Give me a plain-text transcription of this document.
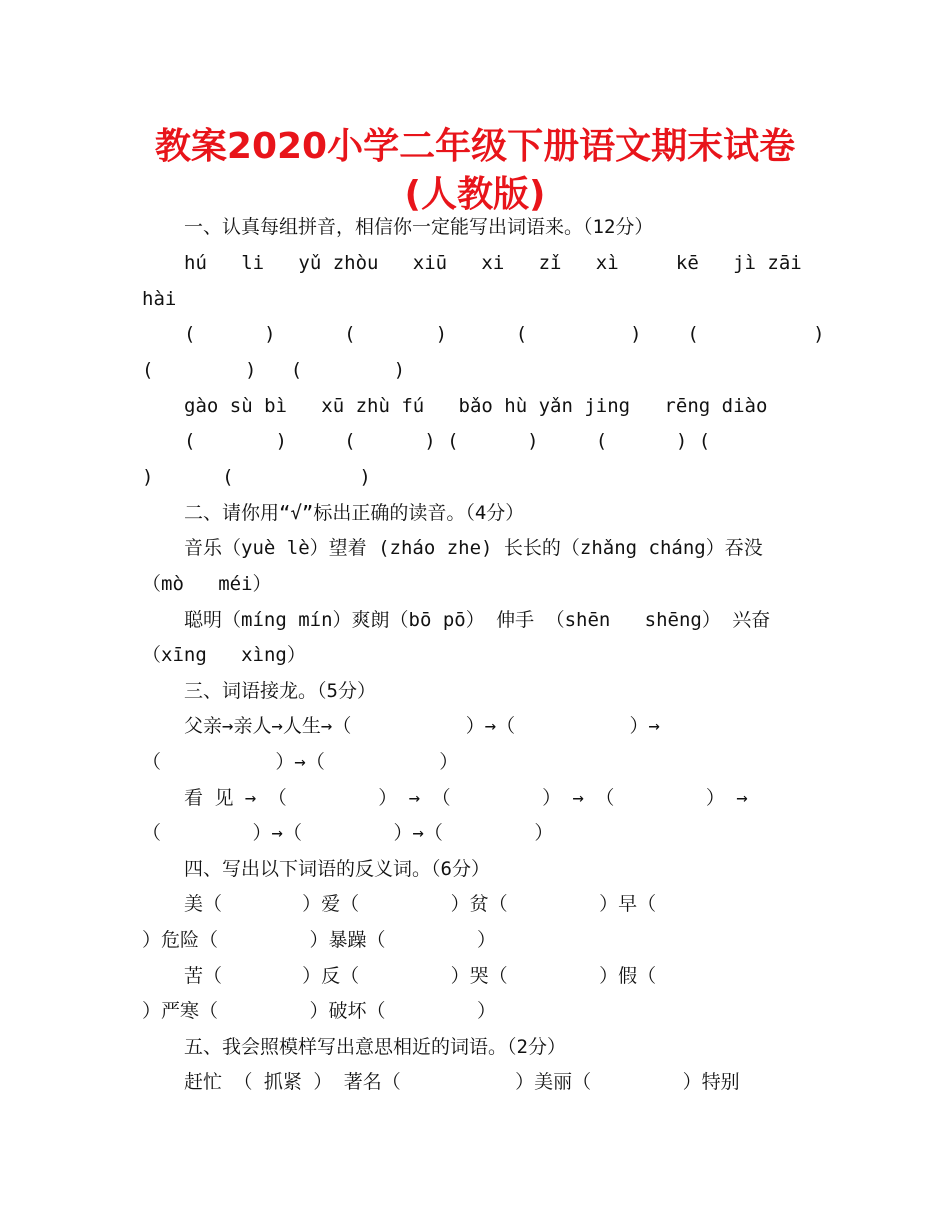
教案2020小学二年级下册语文期末试卷
(人教版)
一、认真每组拼音，相信你一定能写出词语来。（12分）
hú   li   yǔ zhòu   xiū   xi   zǐ   xì     kē   jì zāi
hài
(      )      (       )      (         )    (          )
(        )   (        )
gào sù bì   xū zhù fú   bǎo hù yǎn jing   rēng diào
(       )     (      ) (      )     (      ) (
)      (           )
二、请你用“√”标出正确的读音。（4分）
音乐（yuè lè）望着 (zháo zhe) 长长的（zhǎng cháng）吞没
（mò   méi）
聪明（míng mín）爽朗（bō pō） 伸手 （shēn   shēng） 兴奋
（xīng   xìng）
三、词语接龙。（5分）
父亲→亲人→人生→（          ）→（          ）→
（          ）→（          ）
看 见 → （        ） → （        ） → （        ） →
（        ）→（        ）→（        ）
四、写出以下词语的反义词。（6分）
美（       ）爱（        ）贫（        ）早（
）危险（        ）暴躁（        ）
苦（       ）反（        ）哭（        ）假（
）严寒（        ）破坏（        ）
五、我会照模样写出意思相近的词语。（2分）
赶忙 （ 抓紧 ） 著名（          ）美丽（        ）特别
